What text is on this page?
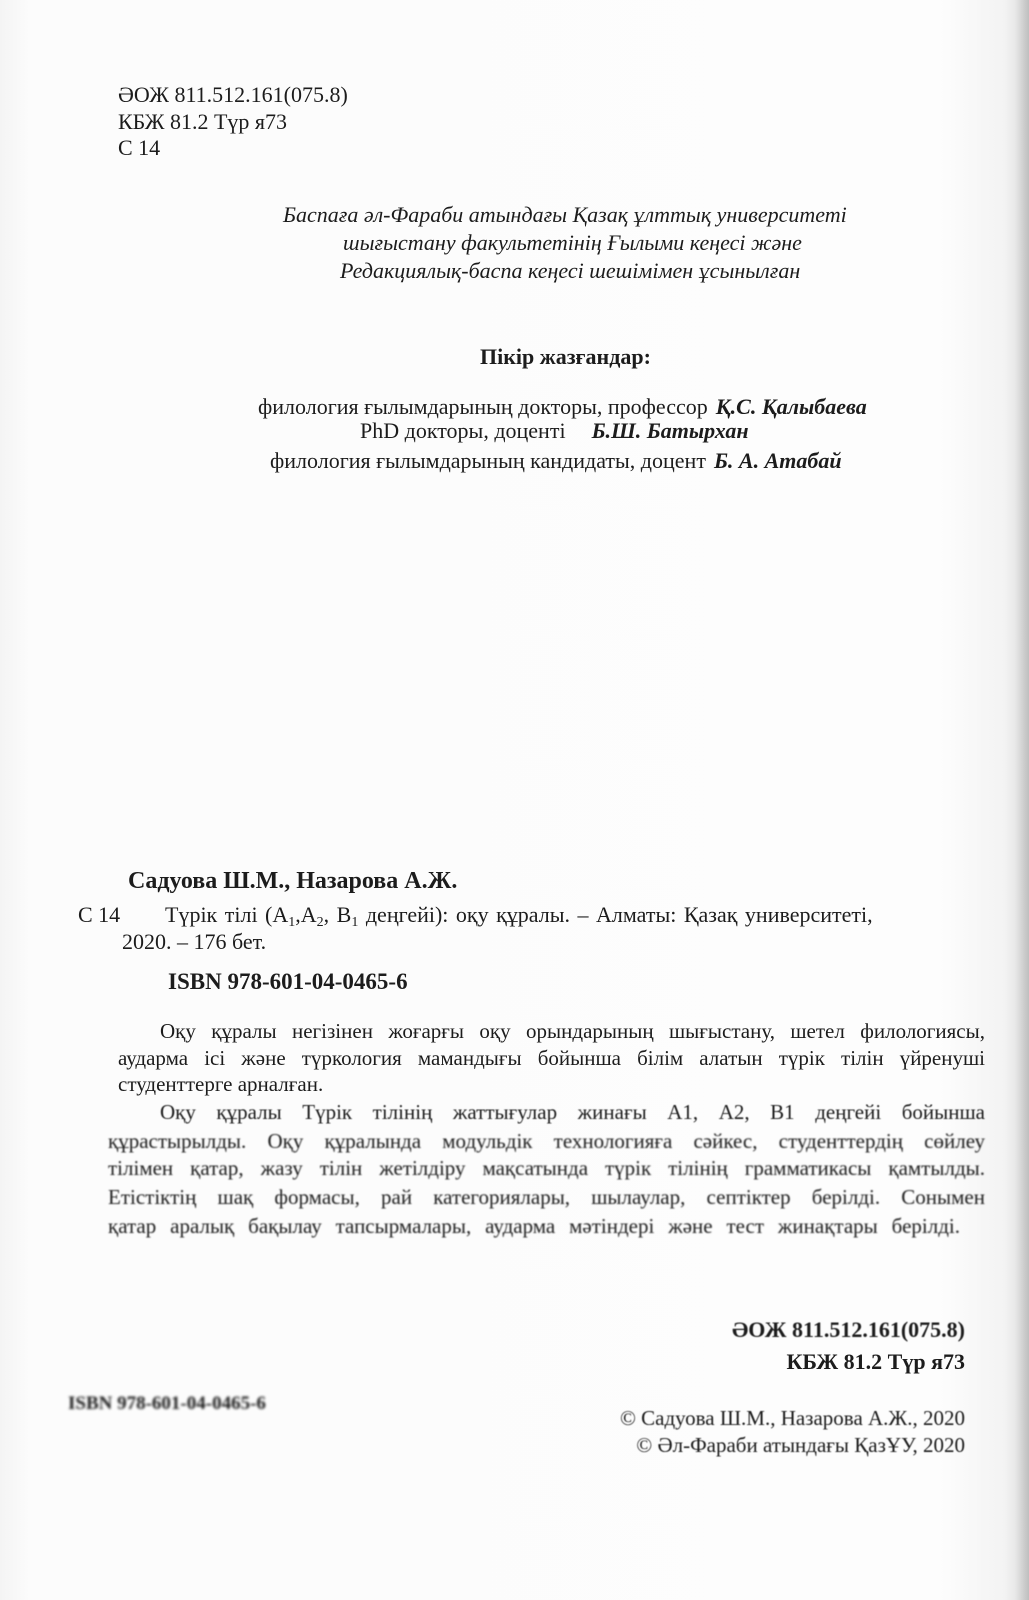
ӘОЖ 811.512.161(075.8)
КБЖ 81.2 Түр я73
С 14
Баспаға әл-Фараби атындағы Қазақ ұлттық университеті
шығыстану факультетінің Ғылыми кеңесі және
Редакциялық-баспа кеңесі шешімімен ұсынылған
Пікір жазғандар:
филология ғылымдарының докторы, профессор Қ.С. Қалыбаева
PhD докторы, доценті Б.Ш. Батырхан
филология ғылымдарының кандидаты, доцент Б. А. Атабай
Садуова Ш.М., Назарова А.Ж.
С 14 Түрік тілі ($А_1,А_2$, $В_1$ деңгейі): оқу құралы. – Алматы: Қазақ университеті,
2020. – 176 бет.
ISBN 978-601-04-0465-6
Оқу құралы негізінен жоғарғы оқу орындарының шығыстану, шетел филологиясы,
аударма ісі және түркология мамандығы бойынша білім алатын түрік тілін үйренуші
студенттерге арналған.
Оқу құралы Түрік тілінің жаттығулар жинағы А1, А2, В1 деңгейі бойынша
құрастырылды. Оқу құралында модульдік технологияға сәйкес, студенттердің сөйлеу
тілімен қатар, жазу тілін жетілдіру мақсатында түрік тілінің грамматикасы қамтылды.
Етістіктің шақ формасы, рай категориялары, шылаулар, септіктер берілді. Сонымен
қатар аралық бақылау тапсырмалары, аударма мәтіндері және тест жинақтары берілді.
ӘОЖ 811.512.161(075.8)
КБЖ 81.2 Түр я73
ISBN 978-601-04-0465-6
© Садуова Ш.М., Назарова А.Ж., 2020
© Әл-Фараби атындағы ҚазҰУ, 2020
